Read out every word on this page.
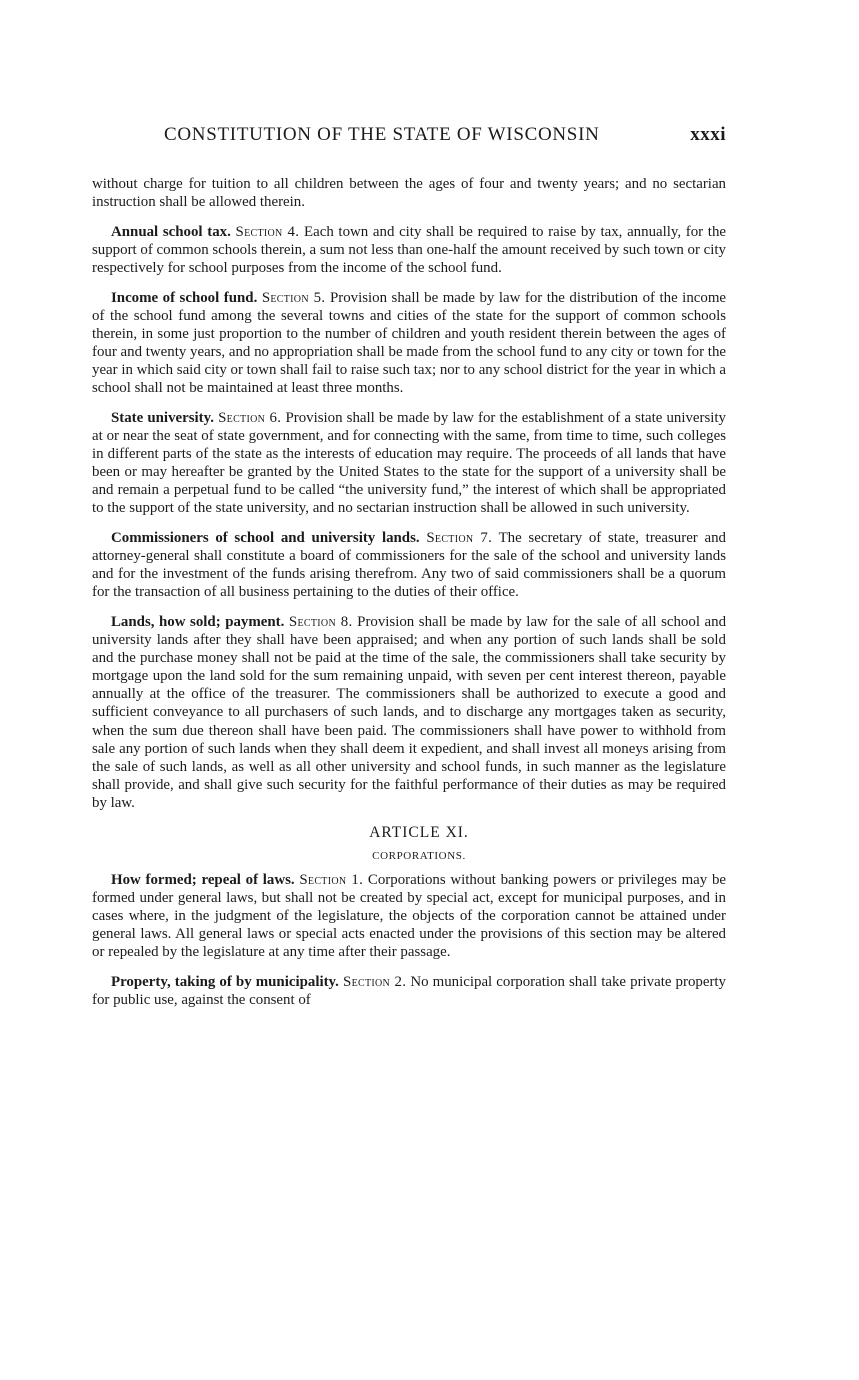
CONSTITUTION OF THE STATE OF WISCONSIN	xxxi

without charge for tuition to all children between the ages of four and twenty years; and no sectarian instruction shall be allowed therein.

Annual school tax. Section 4. Each town and city shall be required to raise by tax, annually, for the support of common schools therein, a sum not less than one-half the amount received by such town or city respectively for school purposes from the income of the school fund.

Income of school fund. Section 5. Provision shall be made by law for the distribution of the income of the school fund among the several towns and cities of the state for the support of common schools therein, in some just proportion to the number of children and youth resident therein between the ages of four and twenty years, and no appropriation shall be made from the school fund to any city or town for the year in which said city or town shall fail to raise such tax; nor to any school district for the year in which a school shall not be maintained at least three months.

State university. Section 6. Provision shall be made by law for the establishment of a state university at or near the seat of state government, and for connecting with the same, from time to time, such colleges in different parts of the state as the interests of education may require. The proceeds of all lands that have been or may hereafter be granted by the United States to the state for the support of a university shall be and remain a perpetual fund to be called “the university fund,” the interest of which shall be appropriated to the support of the state university, and no sectarian instruction shall be allowed in such university.

Commissioners of school and university lands. Section 7. The secretary of state, treasurer and attorney-general shall constitute a board of commissioners for the sale of the school and university lands and for the investment of the funds arising therefrom. Any two of said commissioners shall be a quorum for the transaction of all business pertaining to the duties of their office.

Lands, how sold; payment. Section 8. Provision shall be made by law for the sale of all school and university lands after they shall have been appraised; and when any portion of such lands shall be sold and the purchase money shall not be paid at the time of the sale, the commissioners shall take security by mortgage upon the land sold for the sum remaining unpaid, with seven per cent interest thereon, payable annually at the office of the treasurer. The commissioners shall be authorized to execute a good and sufficient conveyance to all purchasers of such lands, and to discharge any mortgages taken as security, when the sum due thereon shall have been paid. The commissioners shall have power to withhold from sale any portion of such lands when they shall deem it expedient, and shall invest all moneys arising from the sale of such lands, as well as all other university and school funds, in such manner as the legislature shall provide, and shall give such security for the faithful performance of their duties as may be required by law.

ARTICLE XI.
CORPORATIONS.

How formed; repeal of laws. Section 1. Corporations without banking powers or privileges may be formed under general laws, but shall not be created by special act, except for municipal purposes, and in cases where, in the judgment of the legislature, the objects of the corporation cannot be attained under general laws. All general laws or special acts enacted under the provisions of this section may be altered or repealed by the legislature at any time after their passage.

Property, taking of by municipality. Section 2. No municipal corporation shall take private property for public use, against the consent of
